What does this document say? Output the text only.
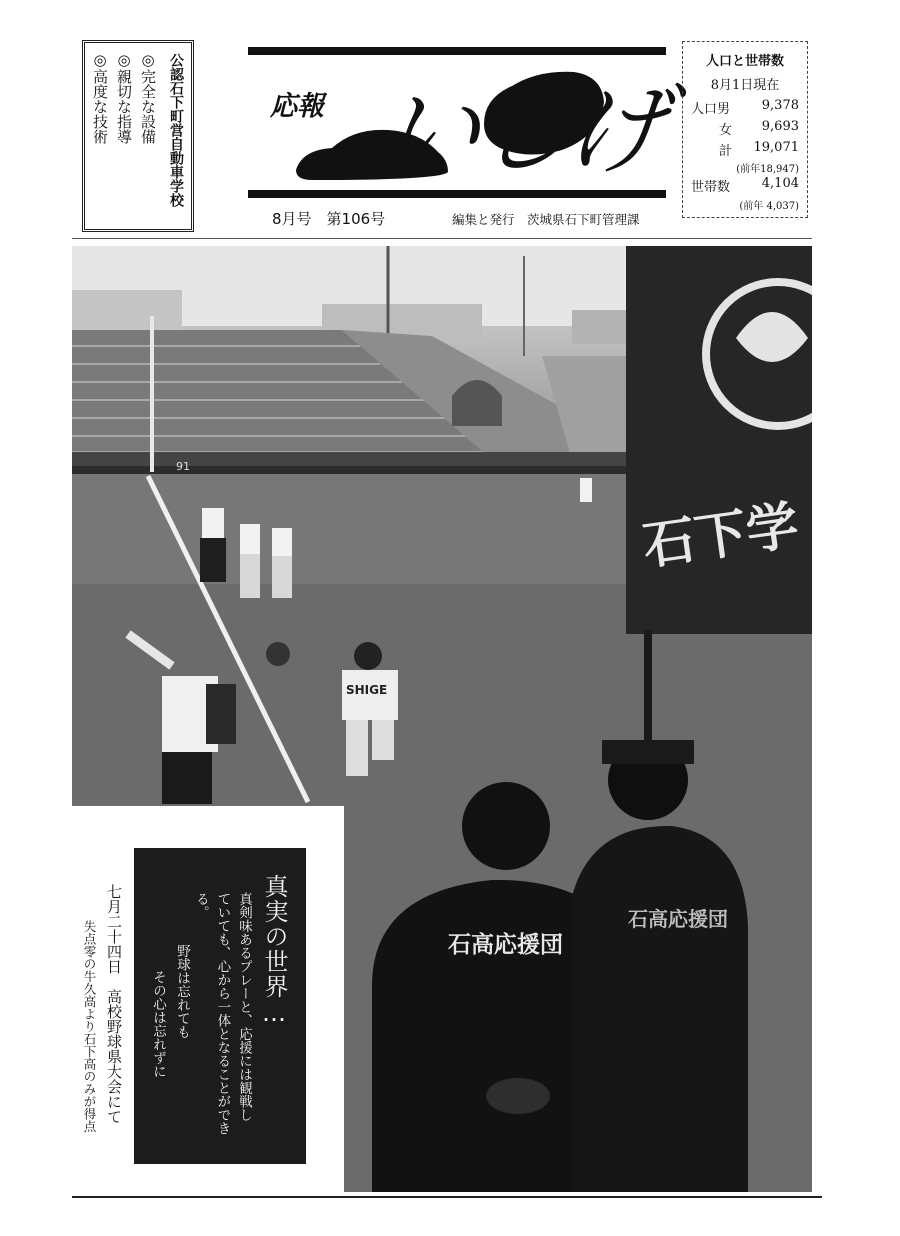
公認石下町営自動車学校
◎完全な設備
◎親切な指導
◎高度な技術	応報 いしげ
8月号　第106号	編集と発行　茨城県石下町管理課
人口と世帯数
8月1日現在
人口男 9,378
女 9,693
計 19,071
(前年18,947)
世帯数 4,104
(前年 4,037)
91
SHIGE
石下学
石高応援団
石高応援団
真実の世界…
真剣味あるプレーと、応援には観戦し
ていても、心から一体となることができ
る。
野球は忘れても
その心は忘れずに
七月二十四日　高校野球県大会にて
失点零の牛久高より石下高のみが得点
